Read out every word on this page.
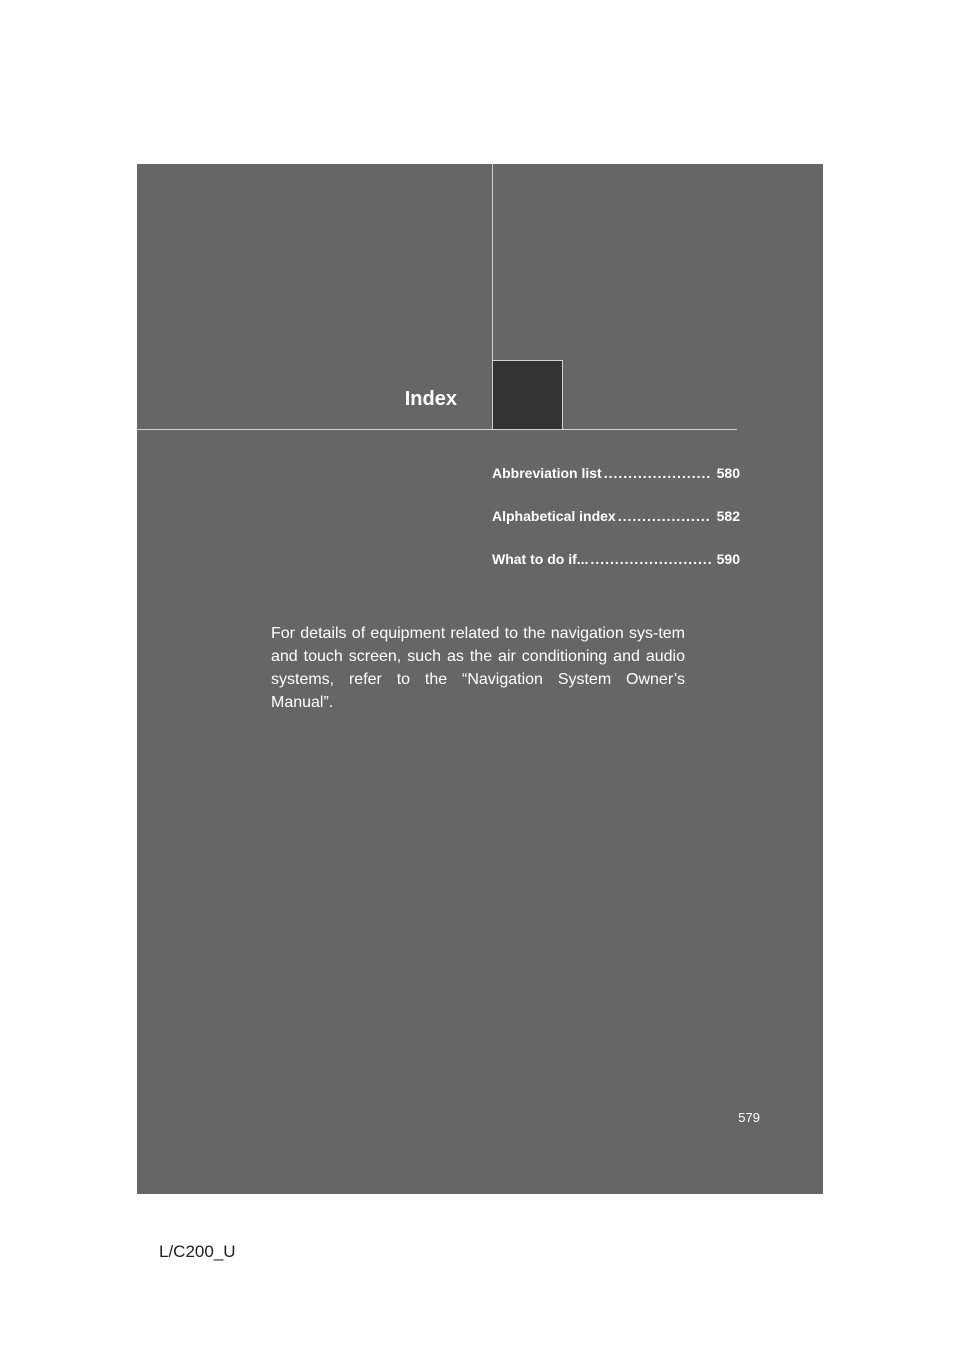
Index
Abbreviation list .....	580
Alphabetical index .....	582
What to do if... .....	590
For details of equipment related to the navigation sys-tem and touch screen, such as the air conditioning and audio systems, refer to the “Navigation System Owner’s Manual”.
579
L/C200_U
